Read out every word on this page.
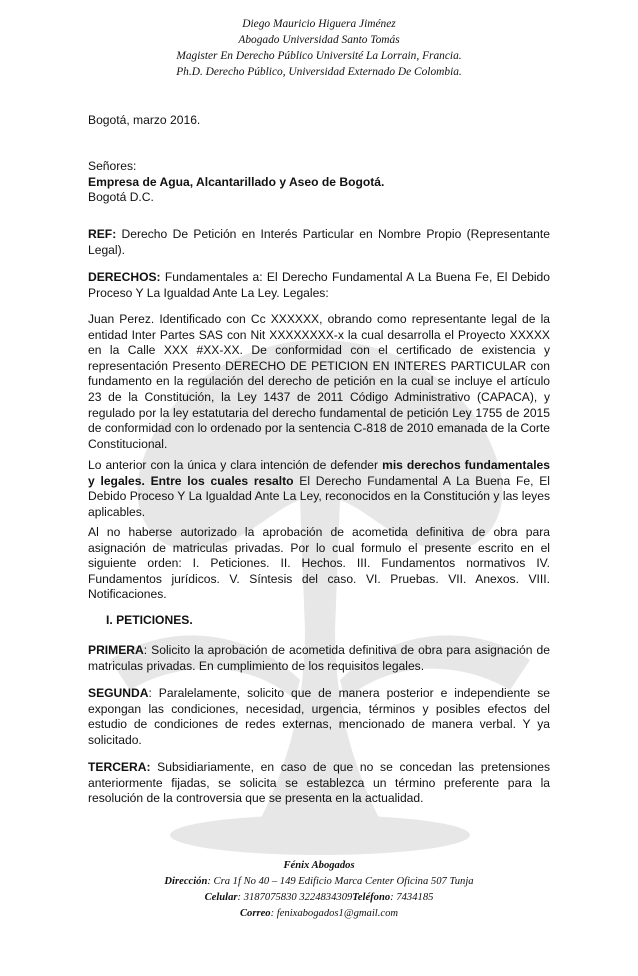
Diego Mauricio Higuera Jiménez
Abogado Universidad Santo Tomás
Magister En Derecho Público Université La Lorrain, Francia.
Ph.D. Derecho Público, Universidad Externado De Colombia.
Bogotá, marzo 2016.
Señores:
Empresa de Agua, Alcantarillado y Aseo de Bogotá.
Bogotá D.C.

REF: Derecho De Petición en Interés Particular en Nombre Propio (Representante Legal).

DERECHOS: Fundamentales a: El Derecho Fundamental A La Buena Fe, El Debido Proceso Y La Igualdad Ante La Ley. Legales:

Juan Perez. Identificado con Cc XXXXXX, obrando como representante legal de la entidad Inter Partes SAS con Nit XXXXXXXX-x la cual desarrolla el Proyecto XXXXX en la Calle XXX #XX-XX. De conformidad con el certificado de existencia y representación Presento DERECHO DE PETICION EN INTERES PARTICULAR con fundamento en la regulación del derecho de petición en la cual se incluye el artículo 23 de la Constitución, la Ley 1437 de 2011 Código Administrativo (CAPACA), y regulado por la ley estatutaria del derecho fundamental de petición Ley 1755 de 2015 de conformidad con lo ordenado por la sentencia C-818 de 2010 emanada de la Corte Constitucional.

Lo anterior con la única y clara intención de defender mis derechos fundamentales y legales. Entre los cuales resalto El Derecho Fundamental A La Buena Fe, El Debido Proceso Y La Igualdad Ante La Ley, reconocidos en la Constitución y las leyes aplicables.

Al no haberse autorizado la aprobación de acometida definitiva de obra para asignación de matriculas privadas. Por lo cual formulo el presente escrito en el siguiente orden: I. Peticiones. II. Hechos. III. Fundamentos normativos IV. Fundamentos jurídicos. V. Síntesis del caso. VI. Pruebas. VII. Anexos. VIII. Notificaciones.

I. PETICIONES.

PRIMERA: Solicito la aprobación de acometida definitiva de obra para asignación de matriculas privadas. En cumplimiento de los requisitos legales.

SEGUNDA: Paralelamente, solicito que de manera posterior e independiente se expongan las condiciones, necesidad, urgencia, términos y posibles efectos del estudio de condiciones de redes externas, mencionado de manera verbal. Y ya solicitado.

TERCERA: Subsidiariamente, en caso de que no se concedan las pretensiones anteriormente fijadas, se solicita se establezca un término preferente para la resolución de la controversia que se presenta en la actualidad.

Fénix Abogados
Dirección: Cra 1f No 40 – 149 Edificio Marca Center Oficina 507 Tunja
Celular: 3187075830 3224834309Teléfono: 7434185
Correo: fenixabogados1@gmail.com
